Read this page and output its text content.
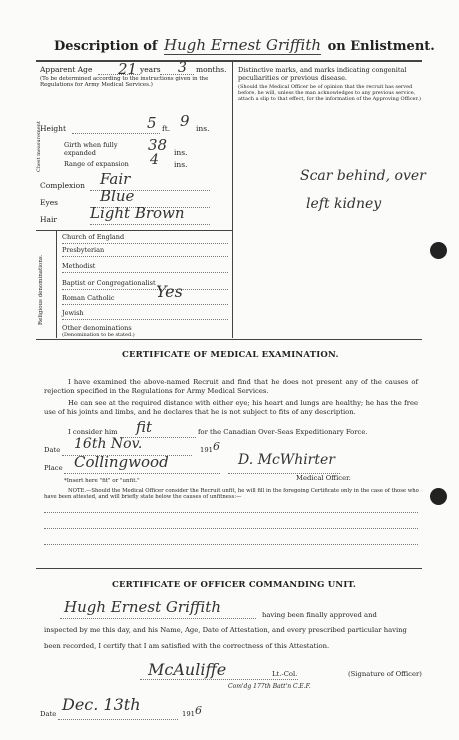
Description of Hugh Ernest Griffith on Enlistment.
Apparent Age 21 years 3 months.
(To be determined according to the instructions given in the Regulations for Army Medical Services.)
Distinctive marks, and marks indicating congenital peculiarities or previous disease.
(Should the Medical Officer be of opinion that the recruit has served before, he will, unless the man acknowledges to any previous service, attach a slip to that effect, for the information of the Approving Officer.)
Scar behind, over
left kidney
Height	5 ft. 9 ins.
Chest measurement	Girth when fully expanded	38 ins.
Range of expansion 4 ins.
Complexion Fair
Eyes	Blue
Hair Light Brown
Religious denominations.
Church of England
Presbyterian
Methodist
Baptist or Congregationalist
Roman Catholic	Yes
Jewish
Other denominations
(Denomination to be stated.)
CERTIFICATE OF MEDICAL EXAMINATION.
I have examined the above-named Recruit and find that he does not present any of the causes of rejection specified in the Regulations for Army Medical Services.
He can see at the required distance with either eye; his heart and lungs are healthy; he has the free use of his joints and limbs, and he declares that he is not subject to fits of any description.
I consider him fit	for the Canadian Over-Seas Expeditionary Force.
Date 16th Nov.	191 6
Place Collingwood	D. McWhirter
Medical Officer.
*Insert here "fit" or "unfit."
NOTE.—Should the Medical Officer consider the Recruit unfit, he will fill in the foregoing Certificate only in the case of those who have been attested, and will briefly state below the causes of unfitness:—
CERTIFICATE OF OFFICER COMMANDING UNIT.
Hugh Ernest Griffith	having been finally approved and
inspected by me this day, and his Name, Age, Date of Attestation, and every prescribed particular having
been recorded, I certify that I am satisfied with the correctness of this Attestation.
McAuliffe	Lt.-Col.	(Signature of Officer)
Com'dg 177th Batt'n C.E.F.
Date Dec. 13th	191 6
